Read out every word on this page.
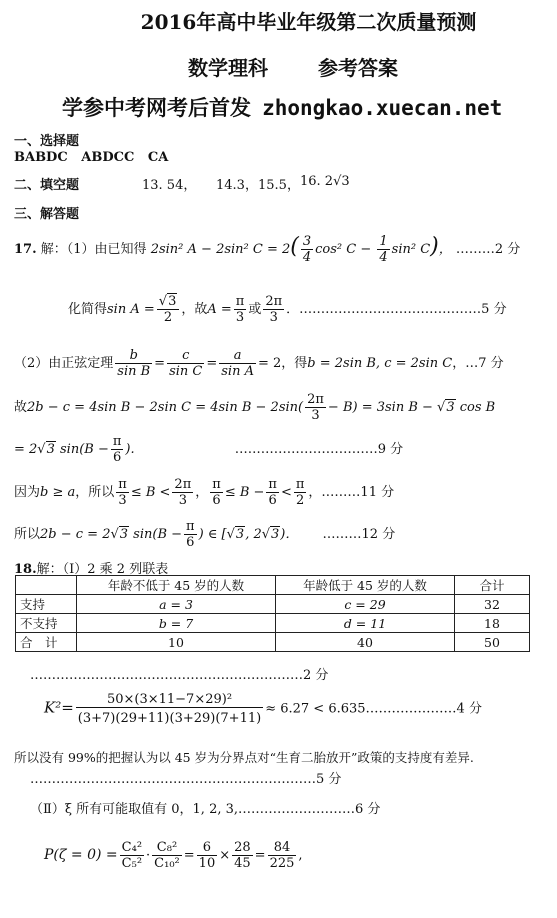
2016年高中毕业年级第二次质量预测
数学理科	参考答案
学参中考网考后首发 zhongkao.xuecan.net
一、选择题
BABDC   ABDCC   CA
二、填空题	13. 54， 14.3， 15.5， 16. 2√3
三、解答题
17. 解：（1）由已知得 2sin² A − 2sin² $C = 2( \frac{3}{4} \cos^2$ $C - \frac{1}{4} \sin^2$ C)， ………2 分
化简得$\sin A = \frac{√3}{2}$ ，故$A = \frac{\pi}{3}$ 或 $\frac{2\pi}{3}$ ．……………………………………5 分
（2）由正弦定理 $\frac{b}{\text{sin B}} = \frac{c}{\text{sin C}} = \frac{a}{\text{sin A}} = 2$，得b = 2sin B, c = 2sin C，…7 分
故2b − c = 4sin B − 2sin C = 4sin $B - 2\sin( \frac{2\pi}{3} - B) = 3\sin$ B − √3 cos B
= 2√3 $\sin(B - \frac{\pi}{6}$ ).	……………………………9 分
因为b ≥ a，所以 $\frac{\pi}{3} \le B < \frac{2\pi}{3}$ ， $\frac{\pi}{6} \le B - \frac{\pi}{6} < \frac{\pi}{2}$ ，………11 分
所以2b − c = 2√3 $\sin(B - \frac{\pi}{6}$ ) ∈ [√3, 2√3)． ………12 分
18.解：（Ⅰ）2 乘 2 列联表
	年龄不低于 45 岁的人数	年龄低于 45 岁的人数	合计
支持	a = 3	c = 29	32
不支持	b = 7	d = 11	18
合　计	10	40	50
………………………………………………………2 分
$K^2= \frac{\text{50×(3×11−7×29)²}}{(3+7)(29+11)(3+29)(7+11)} \approx 6.27$ < 6.635…………………4 分
所以没有 99%的把握认为以 45 岁为分界点对“生育二胎放开”政策的支持度有差异.
…………………………………………………………5 分
（Ⅱ）ξ 所有可能取值有 0，1, 2, 3,………………………6 分
$P(\zeta = 0) = \frac{\text{C₄²}}{\text{C₅²}} \cdot \frac{\text{C₈²}}{\text{C₁₀²}} = \frac{6}{10} \times \frac{28}{45} = \frac{84}{225}$ ,
